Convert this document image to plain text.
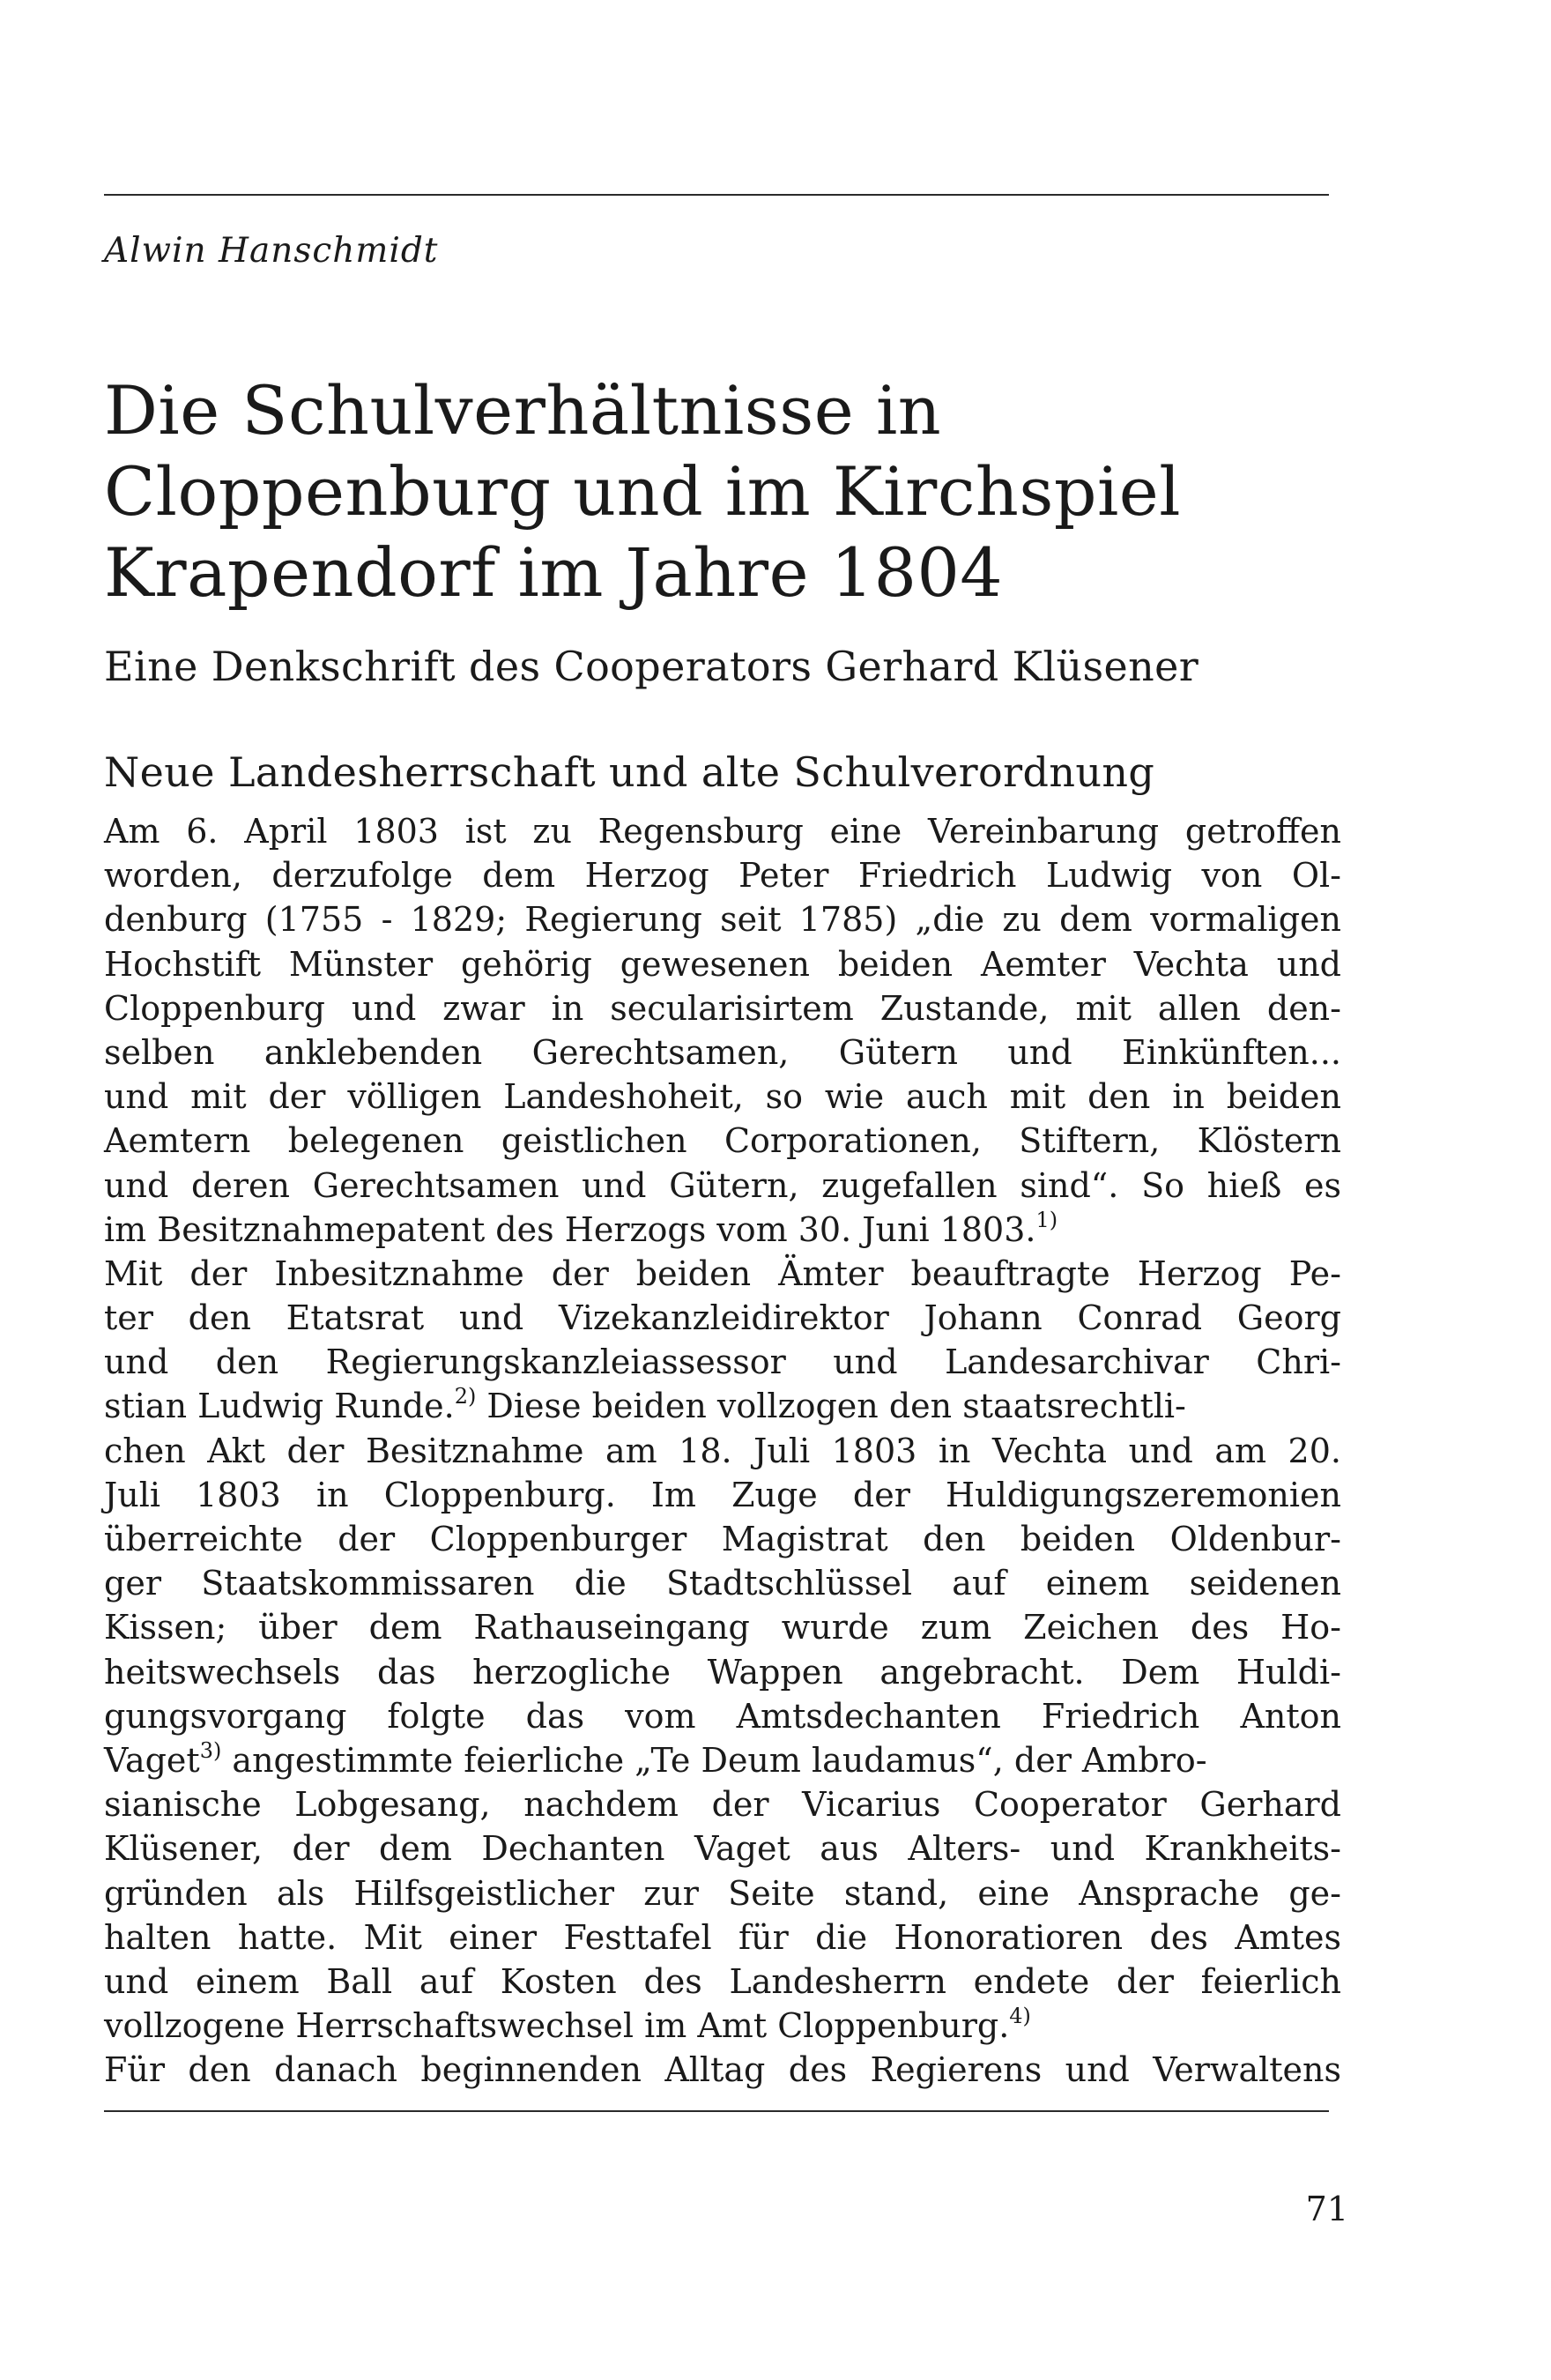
Alwin Hanschmidt

Die Schulverhältnisse in
Cloppenburg und im Kirchspiel
Krapendorf im Jahre 1804
Eine Denkschrift des Cooperators Gerhard Klüsener
Neue Landesherrschaft und alte Schulverordnung
Am 6. April 1803 ist zu Regensburg eine Vereinbarung getroffen
worden, derzufolge dem Herzog Peter Friedrich Ludwig von Ol-
denburg (1755 - 1829; Regierung seit 1785) „die zu dem vormaligen
Hochstift Münster gehörig gewesenen beiden Aemter Vechta und
Cloppenburg und zwar in secularisirtem Zustande, mit allen den-
selben anklebenden Gerechtsamen, Gütern und Einkünften...
und mit der völligen Landeshoheit, so wie auch mit den in beiden
Aemtern belegenen geistlichen Corporationen, Stiftern, Klöstern
und deren Gerechtsamen und Gütern, zugefallen sind“. So hieß es
im Besitznahmepatent des Herzogs vom 30. Juni 1803.$^{1)}$
Mit der Inbesitznahme der beiden Ämter beauftragte Herzog Pe-
ter den Etatsrat und Vizekanzleidirektor Johann Conrad Georg
und den Regierungskanzleiassessor und Landesarchivar Chri-
stian Ludwig Runde.$^{2)}$ Diese beiden vollzogen den staatsrechtli-
chen Akt der Besitznahme am 18. Juli 1803 in Vechta und am 20.
Juli 1803 in Cloppenburg. Im Zuge der Huldigungszeremonien
überreichte der Cloppenburger Magistrat den beiden Oldenbur-
ger Staatskommissaren die Stadtschlüssel auf einem seidenen
Kissen; über dem Rathauseingang wurde zum Zeichen des Ho-
heitswechsels das herzogliche Wappen angebracht. Dem Huldi-
gungsvorgang folgte das vom Amtsdechanten Friedrich Anton
Vaget$^{3)}$ angestimmte feierliche „Te Deum laudamus“, der Ambro-
sianische Lobgesang, nachdem der Vicarius Cooperator Gerhard
Klüsener, der dem Dechanten Vaget aus Alters- und Krankheits-
gründen als Hilfsgeistlicher zur Seite stand, eine Ansprache ge-
halten hatte. Mit einer Festtafel für die Honoratioren des Amtes
und einem Ball auf Kosten des Landesherrn endete der feierlich
vollzogene Herrschaftswechsel im Amt Cloppenburg.$^{4)}$
Für den danach beginnenden Alltag des Regierens und Verwaltens

71
